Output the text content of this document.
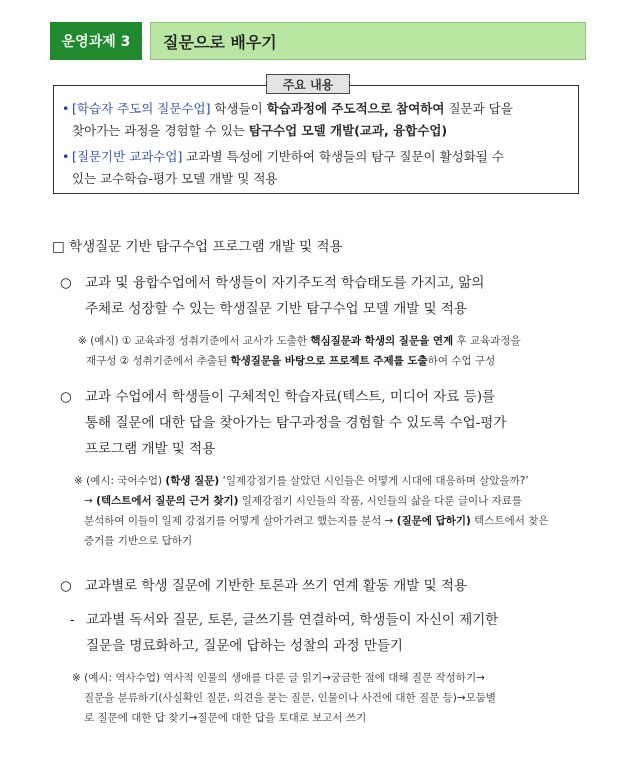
운영과제 3	질문으로 배우기
주요 내용
• [학습자 주도의 질문수업] 학생들이 학습과정에 주도적으로 참여하여 질문과 답을
찾아가는 과정을 경험할 수 있는 탐구수업 모델 개발(교과, 융합수업)
• [질문기반 교과수업] 교과별 특성에 기반하여 학생들의 탐구 질문이 활성화될 수
있는 교수학습-평가 모델 개발 및 적용
□ 학생질문 기반 탐구수업 프로그램 개발 및 적용
○ 교과 및 융합수업에서 학생들이 자기주도적 학습태도를 가지고, 앎의
주체로 성장할 수 있는 학생질문 기반 탐구수업 모델 개발 및 적용
※ (예시) ① 교육과정 성취기준에서 교사가 도출한 핵심질문과 학생의 질문을 연계 후 교육과정을
재구성 ② 성취기준에서 추출된 학생질문을 바탕으로 프로젝트 주제를 도출하여 수업 구성
○ 교과 수업에서 학생들이 구체적인 학습자료(텍스트, 미디어 자료 등)를
통해 질문에 대한 답을 찾아가는 탐구과정을 경험할 수 있도록 수업-평가
프로그램 개발 및 적용
※ (예시: 국어수업) (학생 질문) ‘일제강점기를 살았던 시인들은 어떻게 시대에 대응하며 살았을까?’
→ (텍스트에서 질문의 근거 찾기) 일제강점기 시인들의 작품, 시인들의 삶을 다룬 글이나 자료를
분석하여 이들이 일제 강점기를 어떻게 살아가려고 했는지를 분석 → (질문에 답하기) 텍스트에서 찾은
증거를 기반으로 답하기
○ 교과별로 학생 질문에 기반한 토론과 쓰기 연계 활동 개발 및 적용
- 교과별 독서와 질문, 토론, 글쓰기를 연결하여, 학생들이 자신이 제기한
질문을 명료화하고, 질문에 답하는 성찰의 과정 만들기
※ (예시: 역사수업) 역사적 인물의 생애를 다룬 글 읽기→궁금한 점에 대해 질문 작성하기→
질문을 분류하기(사실확인 질문, 의견을 묻는 질문, 인물이나 사건에 대한 질문 등)→모둠별
로 질문에 대한 답 찾기→질문에 대한 답을 토대로 보고서 쓰기
